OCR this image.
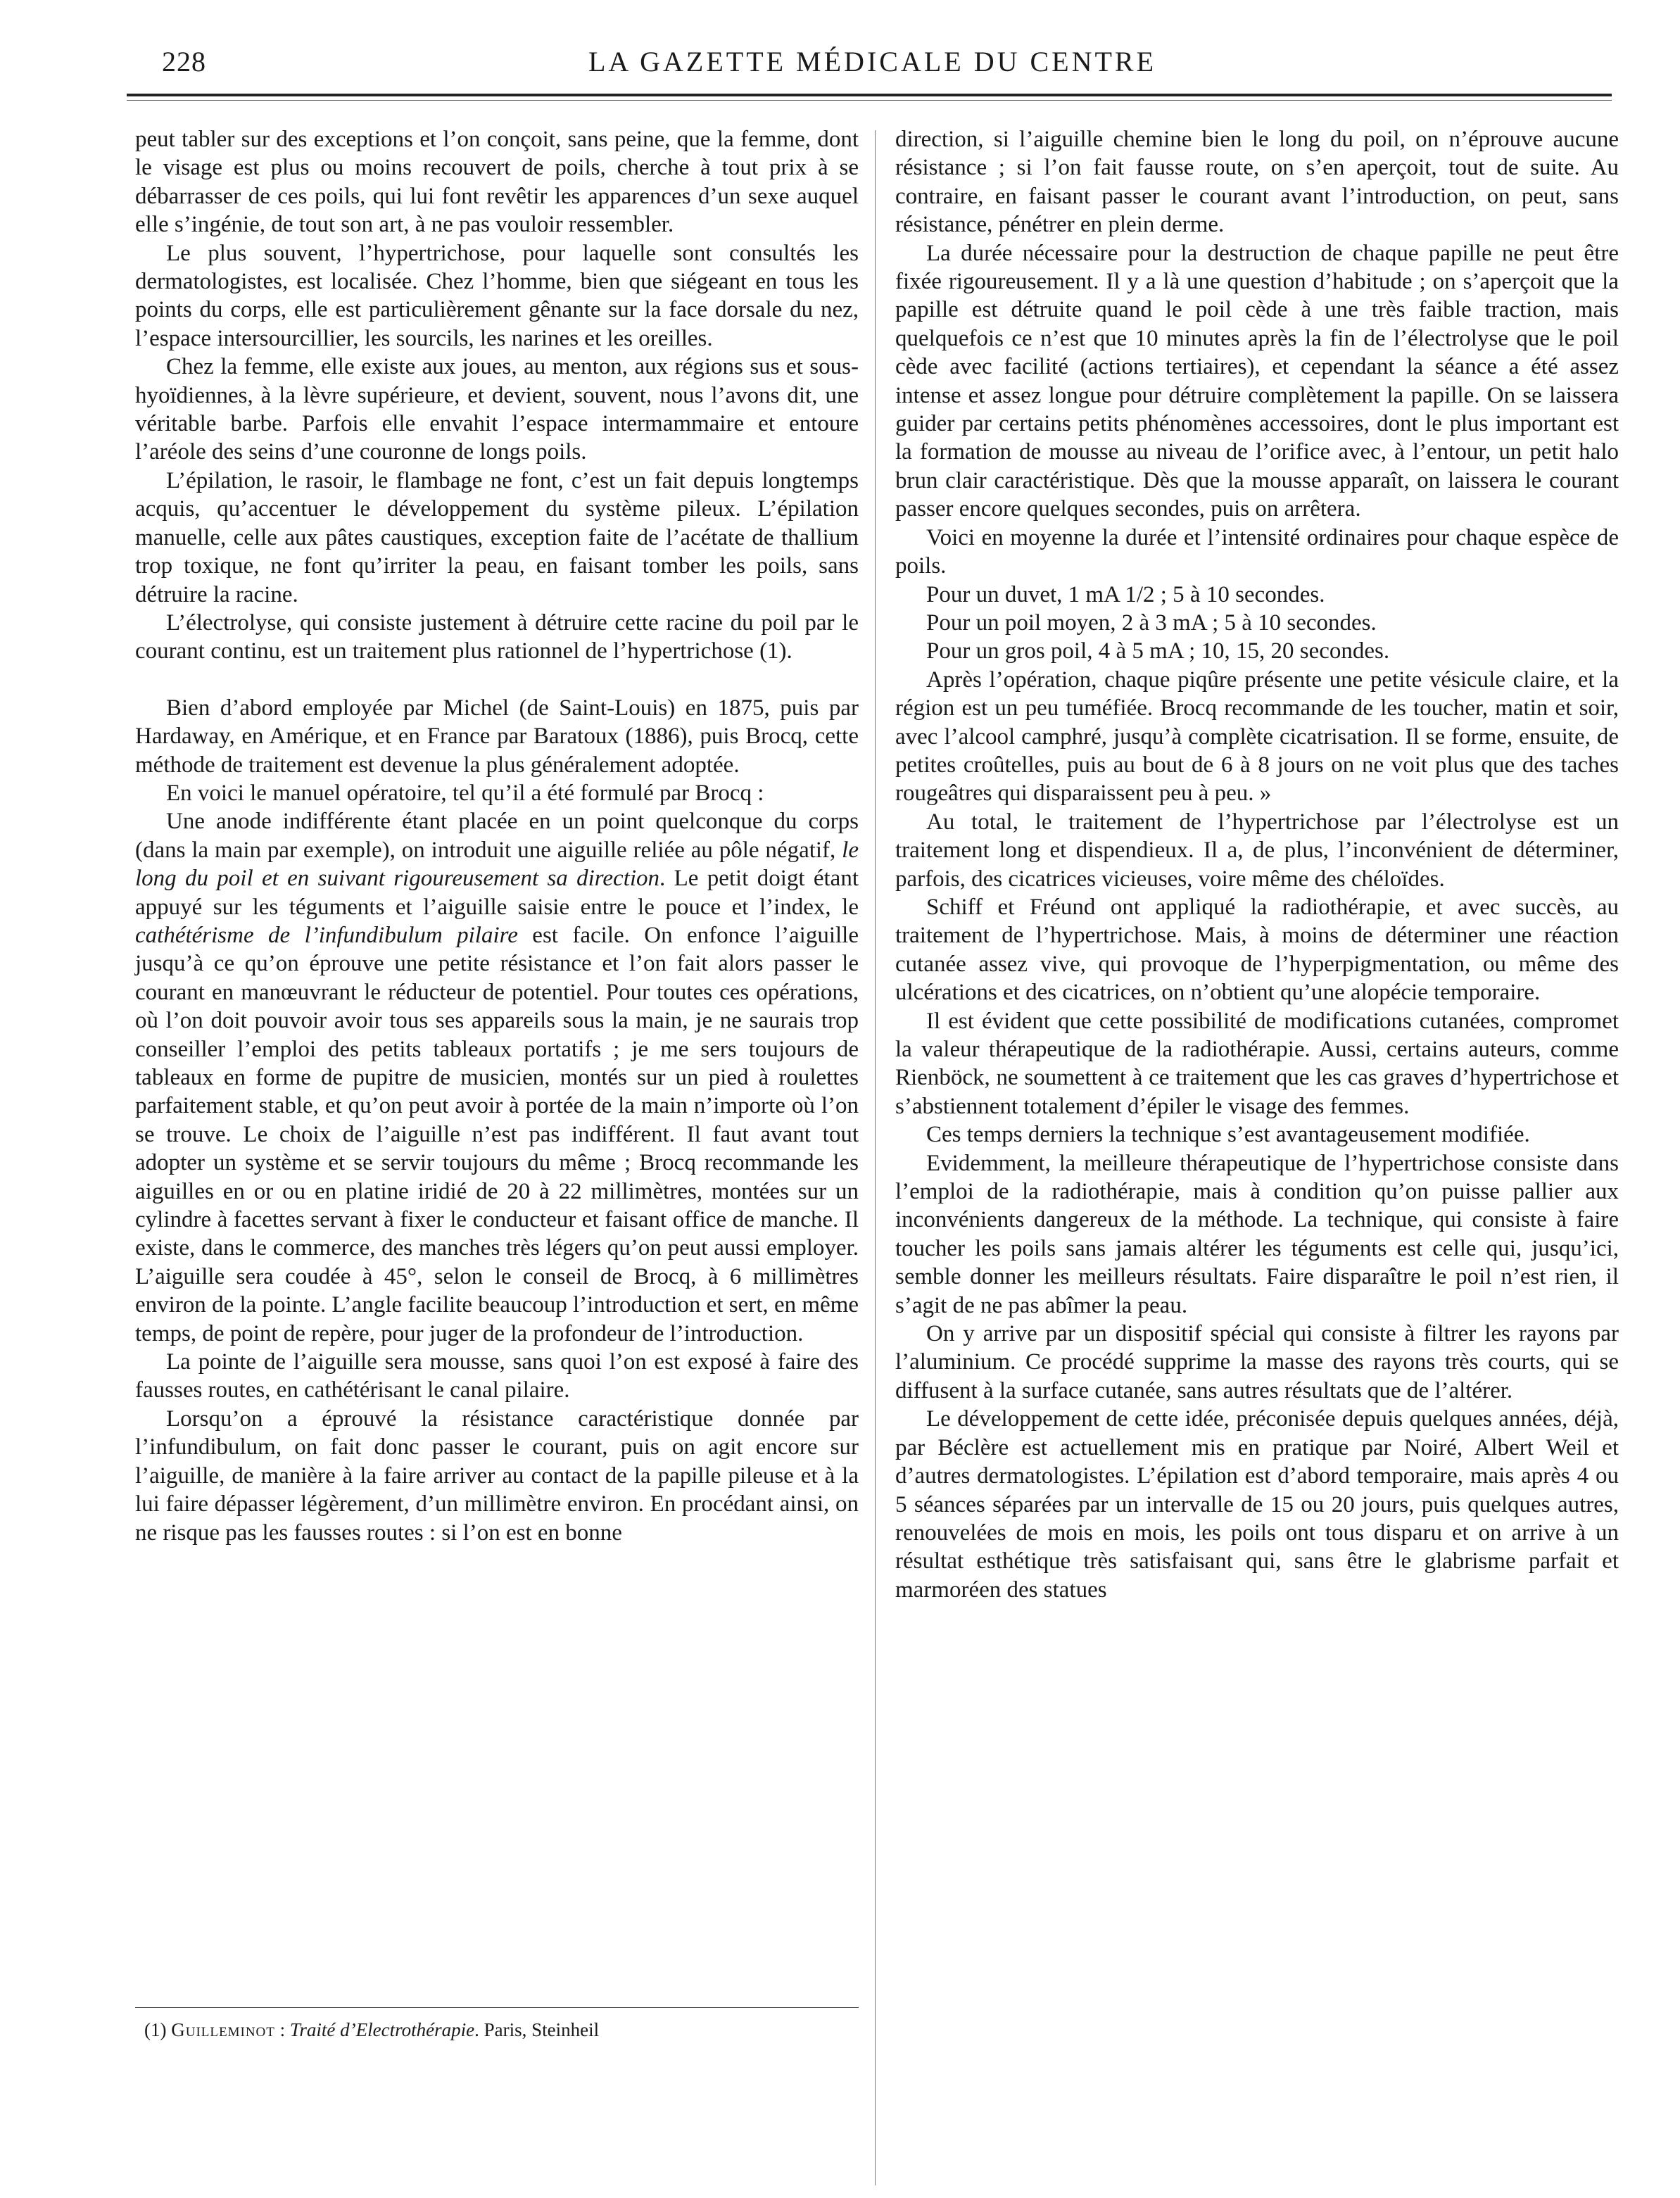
228	LA GAZETTE MÉDICALE DU CENTRE

peut tabler sur des exceptions et l’on conçoit, sans peine, que la femme, dont le visage est plus ou moins recouvert de poils, cherche à tout prix à se débarrasser de ces poils, qui lui font revêtir les apparences d’un sexe auquel elle s’ingénie, de tout son art, à ne pas vouloir ressembler.

Le plus souvent, l’hypertrichose, pour laquelle sont consultés les dermatologistes, est localisée. Chez l’homme, bien que siégeant en tous les points du corps, elle est particulièrement gênante sur la face dorsale du nez, l’espace intersourcillier, les sourcils, les narines et les oreilles.

Chez la femme, elle existe aux joues, au menton, aux régions sus et sous-hyoïdiennes, à la lèvre supérieure, et devient, souvent, nous l’avons dit, une véritable barbe. Parfois elle envahit l’espace intermammaire et entoure l’aréole des seins d’une couronne de longs poils.

L’épilation, le rasoir, le flambage ne font, c’est un fait depuis longtemps acquis, qu’accentuer le développement du système pileux. L’épilation manuelle, celle aux pâtes caustiques, exception faite de l’acétate de thallium trop toxique, ne font qu’irriter la peau, en faisant tomber les poils, sans détruire la racine.

L’électrolyse, qui consiste justement à détruire cette racine du poil par le courant continu, est un traitement plus rationnel de l’hypertrichose (1).

Bien d’abord employée par Michel (de Saint-Louis) en 1875, puis par Hardaway, en Amérique, et en France par Baratoux (1886), puis Brocq, cette méthode de traitement est devenue la plus généralement adoptée.

En voici le manuel opératoire, tel qu’il a été formulé par Brocq :

Une anode indifférente étant placée en un point quelconque du corps (dans la main par exemple), on introduit une aiguille reliée au pôle négatif, le long du poil et en suivant rigoureusement sa direction. Le petit doigt étant appuyé sur les téguments et l’aiguille saisie entre le pouce et l’index, le cathétérisme de l’infundibulum pilaire est facile. On enfonce l’aiguille jusqu’à ce qu’on éprouve une petite résistance et l’on fait alors passer le courant en manœuvrant le réducteur de potentiel. Pour toutes ces opérations, où l’on doit pouvoir avoir tous ses appareils sous la main, je ne saurais trop conseiller l’emploi des petits tableaux portatifs ; je me sers toujours de tableaux en forme de pupitre de musicien, montés sur un pied à roulettes parfaitement stable, et qu’on peut avoir à portée de la main n’importe où l’on se trouve. Le choix de l’aiguille n’est pas indifférent. Il faut avant tout adopter un système et se servir toujours du même ; Brocq recommande les aiguilles en or ou en platine iridié de 20 à 22 millimètres, montées sur un cylindre à facettes servant à fixer le conducteur et faisant office de manche. Il existe, dans le commerce, des manches très légers qu’on peut aussi employer. L’aiguille sera coudée à 45°, selon le conseil de Brocq, à 6 millimètres environ de la pointe. L’angle facilite beaucoup l’introduction et sert, en même temps, de point de repère, pour juger de la profondeur de l’introduction.

La pointe de l’aiguille sera mousse, sans quoi l’on est exposé à faire des fausses routes, en cathétérisant le canal pilaire.

Lorsqu’on a éprouvé la résistance caractéristique donnée par l’infundibulum, on fait donc passer le courant, puis on agit encore sur l’aiguille, de manière à la faire arriver au contact de la papille pileuse et à la lui faire dépasser légèrement, d’un millimètre environ. En procédant ainsi, on ne risque pas les fausses routes : si l’on est en bonne

(1) Guilleminot : Traité d’Electrothérapie. Paris, Steinheil

direction, si l’aiguille chemine bien le long du poil, on n’éprouve aucune résistance ; si l’on fait fausse route, on s’en aperçoit, tout de suite. Au contraire, en faisant passer le courant avant l’introduction, on peut, sans résistance, pénétrer en plein derme.

La durée nécessaire pour la destruction de chaque papille ne peut être fixée rigoureusement. Il y a là une question d’habitude ; on s’aperçoit que la papille est détruite quand le poil cède à une très faible traction, mais quelquefois ce n’est que 10 minutes après la fin de l’électrolyse que le poil cède avec facilité (actions tertiaires), et cependant la séance a été assez intense et assez longue pour détruire complètement la papille. On se laissera guider par certains petits phénomènes accessoires, dont le plus important est la formation de mousse au niveau de l’orifice avec, à l’entour, un petit halo brun clair caractéristique. Dès que la mousse apparaît, on laissera le courant passer encore quelques secondes, puis on arrêtera.

Voici en moyenne la durée et l’intensité ordinaires pour chaque espèce de poils.

Pour un duvet, 1 mA 1/2 ; 5 à 10 secondes.

Pour un poil moyen, 2 à 3 mA ; 5 à 10 secondes.

Pour un gros poil, 4 à 5 mA ; 10, 15, 20 secondes.

Après l’opération, chaque piqûre présente une petite vésicule claire, et la région est un peu tuméfiée. Brocq recommande de les toucher, matin et soir, avec l’alcool camphré, jusqu’à complète cicatrisation. Il se forme, ensuite, de petites croûtelles, puis au bout de 6 à 8 jours on ne voit plus que des taches rougeâtres qui disparaissent peu à peu. »

Au total, le traitement de l’hypertrichose par l’électrolyse est un traitement long et dispendieux. Il a, de plus, l’inconvénient de déterminer, parfois, des cicatrices vicieuses, voire même des chéloïdes.

Schiff et Fréund ont appliqué la radiothérapie, et avec succès, au traitement de l’hypertrichose. Mais, à moins de déterminer une réaction cutanée assez vive, qui provoque de l’hyperpigmentation, ou même des ulcérations et des cicatrices, on n’obtient qu’une alopécie temporaire.

Il est évident que cette possibilité de modifications cutanées, compromet la valeur thérapeutique de la radiothérapie. Aussi, certains auteurs, comme Rienböck, ne soumettent à ce traitement que les cas graves d’hypertrichose et s’abstiennent totalement d’épiler le visage des femmes.

Ces temps derniers la technique s’est avantageusement modifiée.

Evidemment, la meilleure thérapeutique de l’hypertrichose consiste dans l’emploi de la radiothérapie, mais à condition qu’on puisse pallier aux inconvénients dangereux de la méthode. La technique, qui consiste à faire toucher les poils sans jamais altérer les téguments est celle qui, jusqu’ici, semble donner les meilleurs résultats. Faire disparaître le poil n’est rien, il s’agit de ne pas abîmer la peau.

On y arrive par un dispositif spécial qui consiste à filtrer les rayons par l’aluminium. Ce procédé supprime la masse des rayons très courts, qui se diffusent à la surface cutanée, sans autres résultats que de l’altérer.

Le développement de cette idée, préconisée depuis quelques années, déjà, par Béclère est actuellement mis en pratique par Noiré, Albert Weil et d’autres dermatologistes. L’épilation est d’abord temporaire, mais après 4 ou 5 séances séparées par un intervalle de 15 ou 20 jours, puis quelques autres, renouvelées de mois en mois, les poils ont tous disparu et on arrive à un résultat esthétique très satisfaisant qui, sans être le glabrisme parfait et marmoréen des statues
